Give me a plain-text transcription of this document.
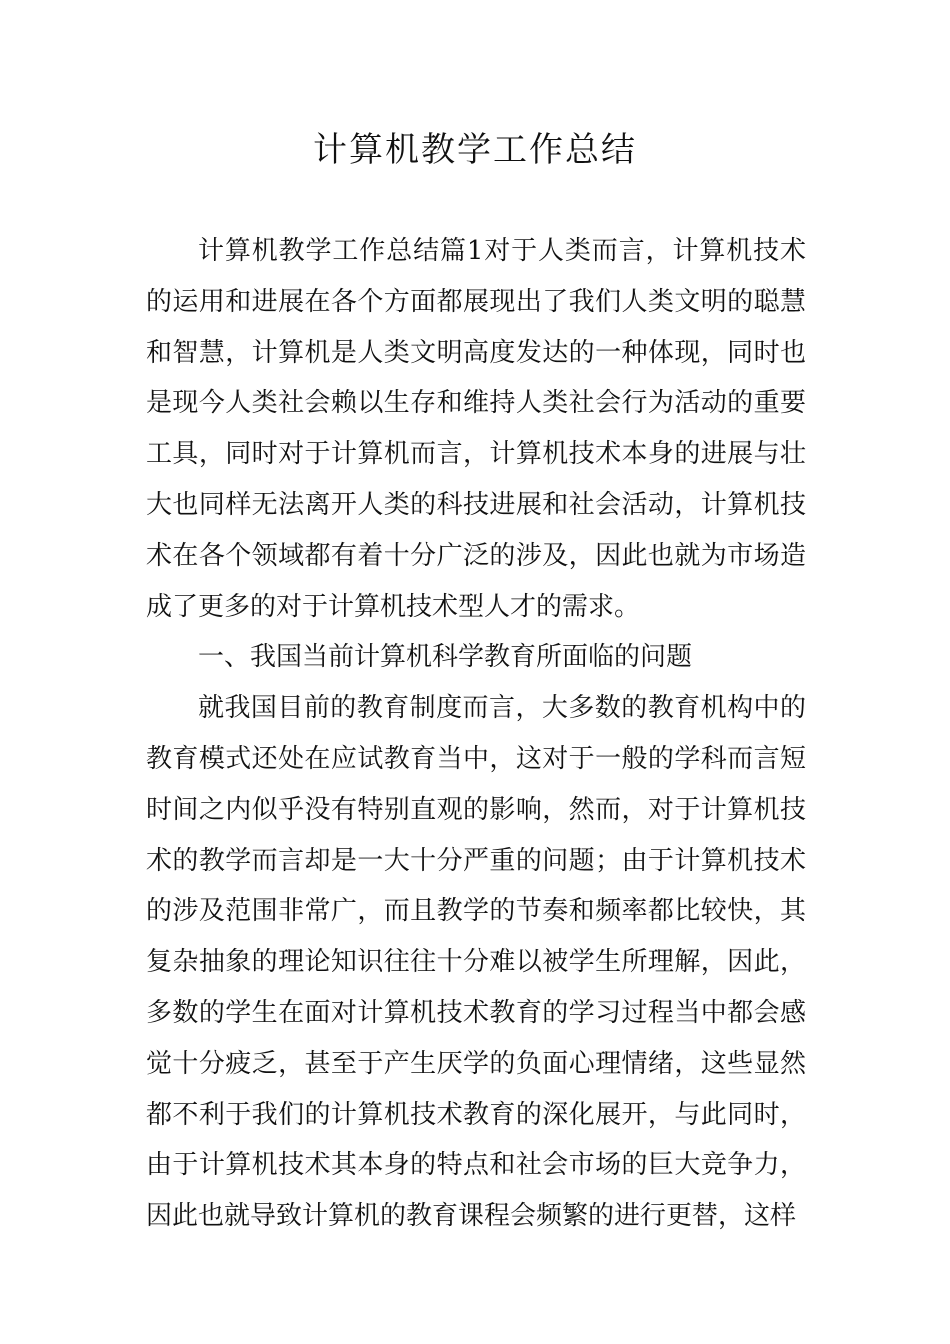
计算机教学工作总结

计算机教学工作总结篇1对于人类而言，计算机技术的运用和进展在各个方面都展现出了我们人类文明的聪慧和智慧，计算机是人类文明高度发达的一种体现，同时也是现今人类社会赖以生存和维持人类社会行为活动的重要工具，同时对于计算机而言，计算机技术本身的进展与壮大也同样无法离开人类的科技进展和社会活动，计算机技术在各个领域都有着十分广泛的涉及，因此也就为市场造成了更多的对于计算机技术型人才的需求。

一、我国当前计算机科学教育所面临的问题

就我国目前的教育制度而言，大多数的教育机构中的教育模式还处在应试教育当中，这对于一般的学科而言短时间之内似乎没有特别直观的影响，然而，对于计算机技术的教学而言却是一大十分严重的问题；由于计算机技术的涉及范围非常广，而且教学的节奏和频率都比较快，其复杂抽象的理论知识往往十分难以被学生所理解，因此，多数的学生在面对计算机技术教育的学习过程当中都会感觉十分疲乏，甚至于产生厌学的负面心理情绪，这些显然都不利于我们的计算机技术教育的深化展开，与此同时，由于计算机技术其本身的特点和社会市场的巨大竞争力，因此也就导致计算机的教育课程会频繁的进行更替，这样
